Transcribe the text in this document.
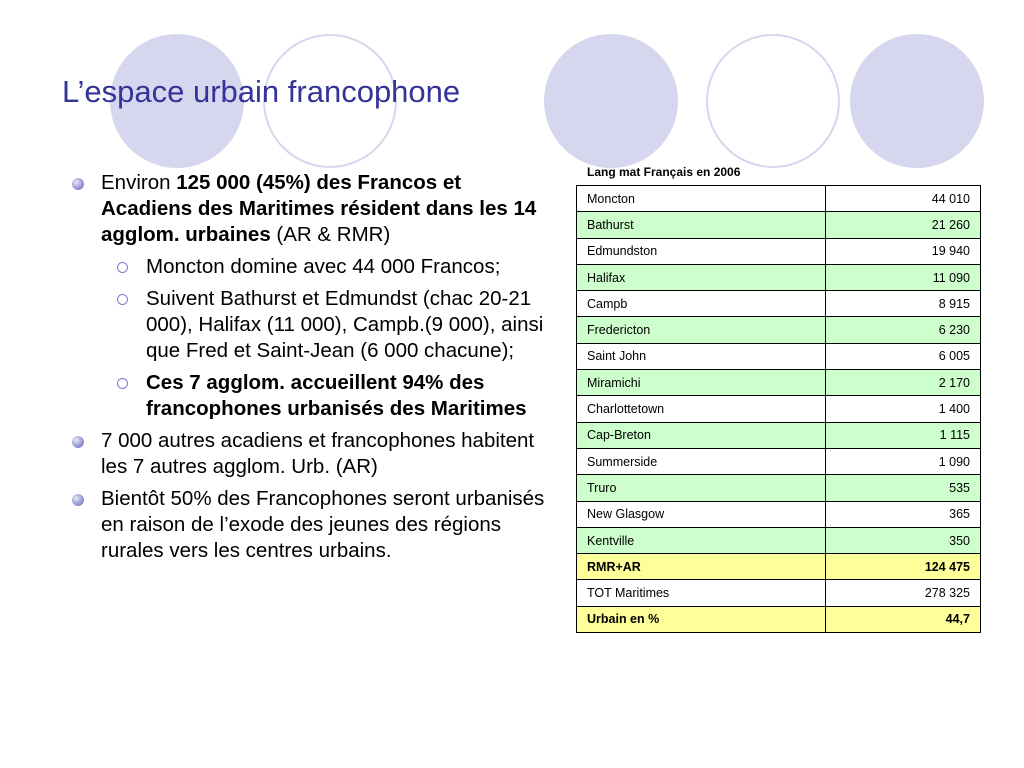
L’espace urbain francophone
Environ 125 000 (45%) des Francos et Acadiens des Maritimes résident dans les 14 agglom. urbaines (AR & RMR)
Moncton domine avec 44 000 Francos;
Suivent Bathurst et Edmundst (chac 20-21 000), Halifax (11 000), Campb.(9 000), ainsi que Fred et Saint-Jean (6 000 chacune);
Ces 7 agglom. accueillent 94% des francophones urbanisés des Maritimes
7 000 autres acadiens et francophones habitent les 7 autres agglom. Urb. (AR)
Bientôt 50% des Francophones seront urbanisés en raison de l’exode des jeunes des régions rurales vers les centres urbains.
Lang mat Français en 2006
Moncton	44 010
Bathurst	21 260
Edmundston	19 940
Halifax	11 090
Campb	8 915
Fredericton	6 230
Saint John	6 005
Miramichi	2 170
Charlottetown	1 400
Cap-Breton	1 115
Summerside	1 090
Truro	535
New Glasgow	365
Kentville	350
RMR+AR	124 475
TOT Maritimes	278 325
Urbain en %	44,7
